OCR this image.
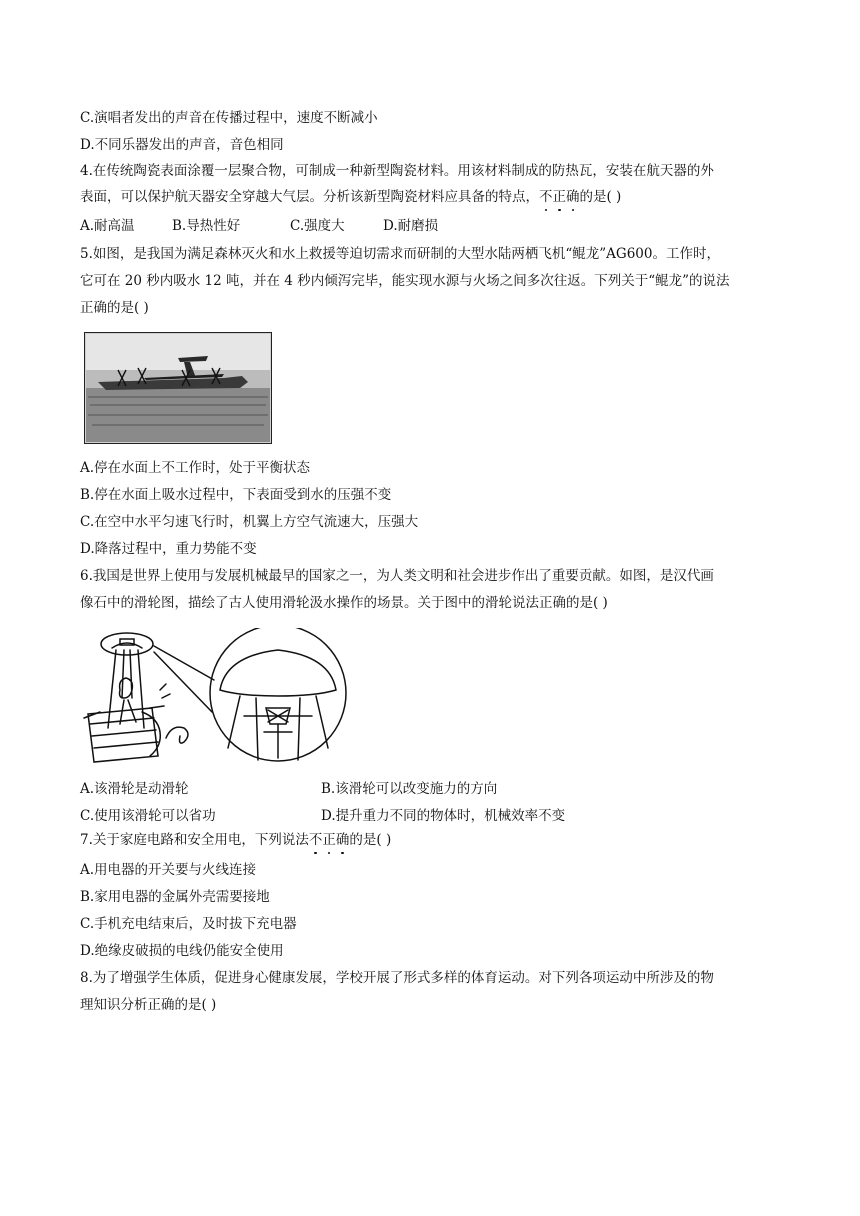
C.演唱者发出的声音在传播过程中，速度不断减小
D.不同乐器发出的声音，音色相同
4.在传统陶瓷表面涂覆一层聚合物，可制成一种新型陶瓷材料。用该材料制成的防热瓦，安装在航天器的外
表面，可以保护航天器安全穿越大气层。分析该新型陶瓷材料应具备的特点，不正确的是( )
A.耐高温	B.导热性好	C.强度大	D.耐磨损
5.如图，是我国为满足森林灭火和水上救援等迫切需求而研制的大型水陆两栖飞机“鲲龙”AG600。工作时，
它可在 20 秒内吸水 12 吨，并在 4 秒内倾泻完毕，能实现水源与火场之间多次往返。下列关于“鲲龙”的说法
正确的是( )
A.停在水面上不工作时，处于平衡状态
B.停在水面上吸水过程中，下表面受到水的压强不变
C.在空中水平匀速飞行时，机翼上方空气流速大，压强大
D.降落过程中，重力势能不变
6.我国是世界上使用与发展机械最早的国家之一，为人类文明和社会进步作出了重要贡献。如图，是汉代画
像石中的滑轮图，描绘了古人使用滑轮汲水操作的场景。关于图中的滑轮说法正确的是( )
A.该滑轮是动滑轮	B.该滑轮可以改变施力的方向
C.使用该滑轮可以省功	D.提升重力不同的物体时，机械效率不变
7.关于家庭电路和安全用电，下列说法不正确的是( )
A.用电器的开关要与火线连接
B.家用电器的金属外壳需要接地
C.手机充电结束后，及时拔下充电器
D.绝缘皮破损的电线仍能安全使用
8.为了增强学生体质，促进身心健康发展，学校开展了形式多样的体育运动。对下列各项运动中所涉及的物
理知识分析正确的是( )
